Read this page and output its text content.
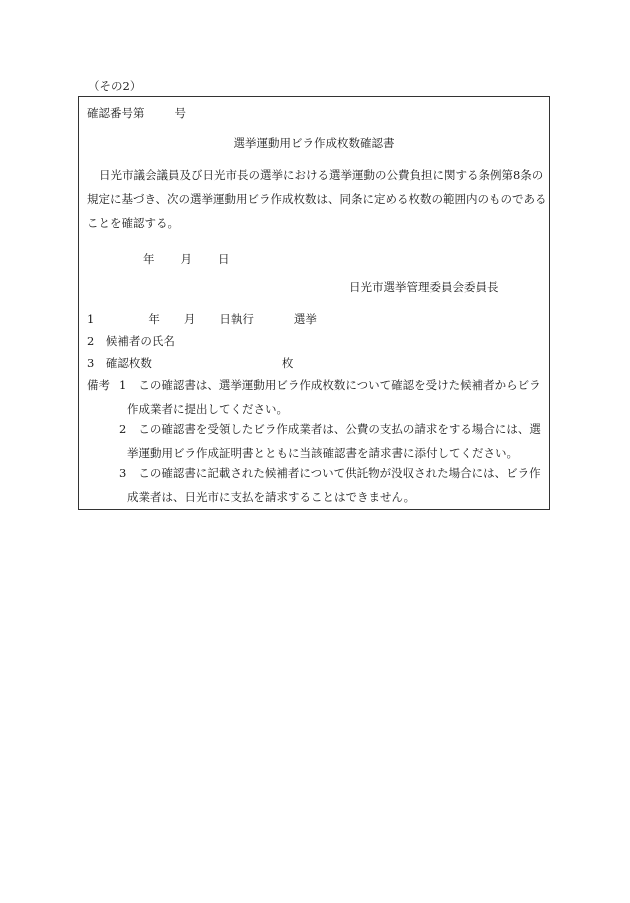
（その2）
確認番号第	号
選挙運動用ビラ作成枚数確認書
日光市議会議員及び日光市長の選挙における選挙運動の公費負担に関する条例第8条の
規定に基づき、次の選挙運動用ビラ作成枚数は、同条に定める枚数の範囲内のものである
ことを確認する。
年 月 日
日光市選挙管理委員会委員長
1	年 月 日執行	選挙
2　候補者の氏名
3　確認枚数	枚
備考 1 この確認書は、選挙運動用ビラ作成枚数について確認を受けた候補者からビラ
作成業者に提出してください。
2 この確認書を受領したビラ作成業者は、公費の支払の請求をする場合には、選
挙運動用ビラ作成証明書とともに当該確認書を請求書に添付してください。
3 この確認書に記載された候補者について供託物が没収された場合には、ビラ作
成業者は、日光市に支払を請求することはできません。
